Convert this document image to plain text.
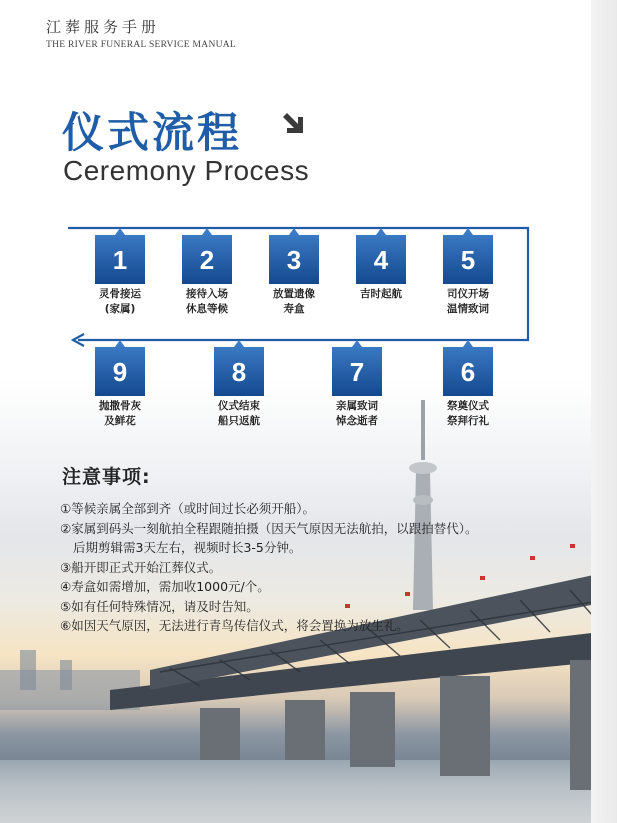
江葬服务手册
THE RIVER FUNERAL SERVICE MANUAL
仪式流程
Ceremony Process
1
灵骨接运
(家属)
2
接待入场
休息等候
3
放置遗像
寿盒
4
吉时起航
5
司仪开场
温情致词
6
祭奠仪式
祭拜行礼
7
亲属致词
悼念逝者
8
仪式结束
船只返航
9
抛撒骨灰
及鲜花
注意事项:
①等候亲属全部到齐（或时间过长必须开船）。
②家属到码头一刻航拍全程跟随拍摄（因天气原因无法航拍，以跟拍替代）。
后期剪辑需3天左右，视频时长3-5分钟。
③船开即正式开始江葬仪式。
④寿盒如需增加，需加收1000元/个。
⑤如有任何特殊情况，请及时告知。
⑥如因天气原因，无法进行青鸟传信仪式，将会置换为放生礼。
